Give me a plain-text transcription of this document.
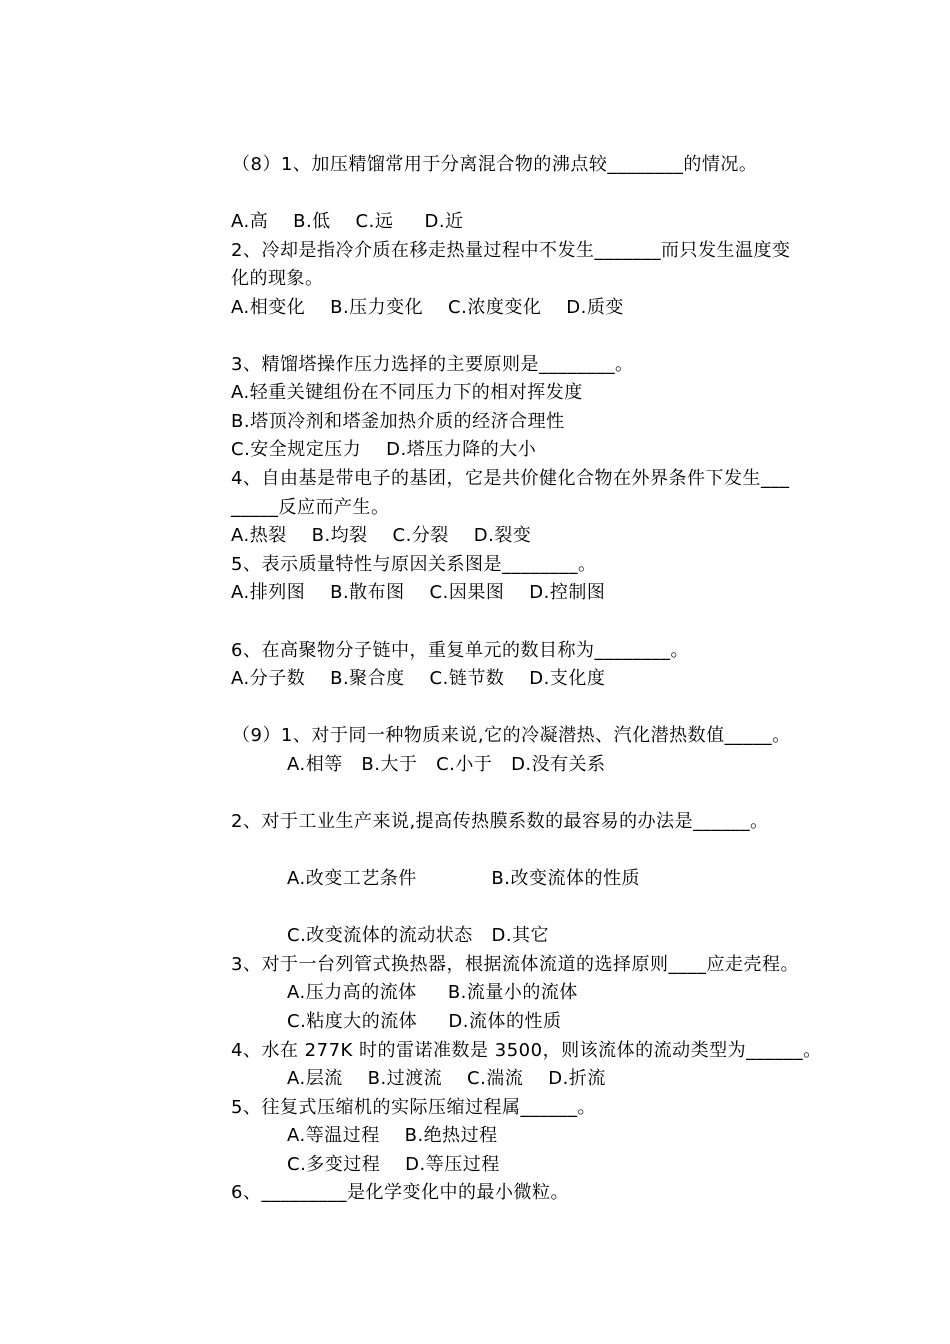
（8）1、加压精馏常用于分离混合物的沸点较________的情况。
A.高    B.低    C.远     D.近
2、冷却是指冷介质在移走热量过程中不发生_______而只发生温度变
化的现象。
A.相变化    B.压力变化    C.浓度变化    D.质变
3、精馏塔操作压力选择的主要原则是________。
A.轻重关键组份在不同压力下的相对挥发度
B.塔顶冷剂和塔釜加热介质的经济合理性
C.安全规定压力    D.塔压力降的大小
4、自由基是带电子的基团，它是共价健化合物在外界条件下发生___
_____反应而产生。
A.热裂    B.均裂    C.分裂    D.裂变
5、表示质量特性与原因关系图是________。
A.排列图    B.散布图    C.因果图    D.控制图
6、在高聚物分子链中，重复单元的数目称为________。
A.分子数    B.聚合度    C.链节数    D.支化度
（9）1、对于同一种物质来说,它的冷凝潜热、汽化潜热数值_____。
A.相等   B.大于   C.小于   D.没有关系
2、对于工业生产来说,提高传热膜系数的最容易的办法是______。
A.改变工艺条件            B.改变流体的性质
C.改变流体的流动状态   D.其它
3、对于一台列管式换热器，根据流体流道的选择原则____应走壳程。
A.压力高的流体     B.流量小的流体
C.粘度大的流体     D.流体的性质
4、水在 277K 时的雷诺准数是 3500，则该流体的流动类型为______。
A.层流    B.过渡流    C.湍流    D.折流
5、往复式压缩机的实际压缩过程属______。
A.等温过程    B.绝热过程
C.多变过程    D.等压过程
6、_________是化学变化中的最小微粒。
